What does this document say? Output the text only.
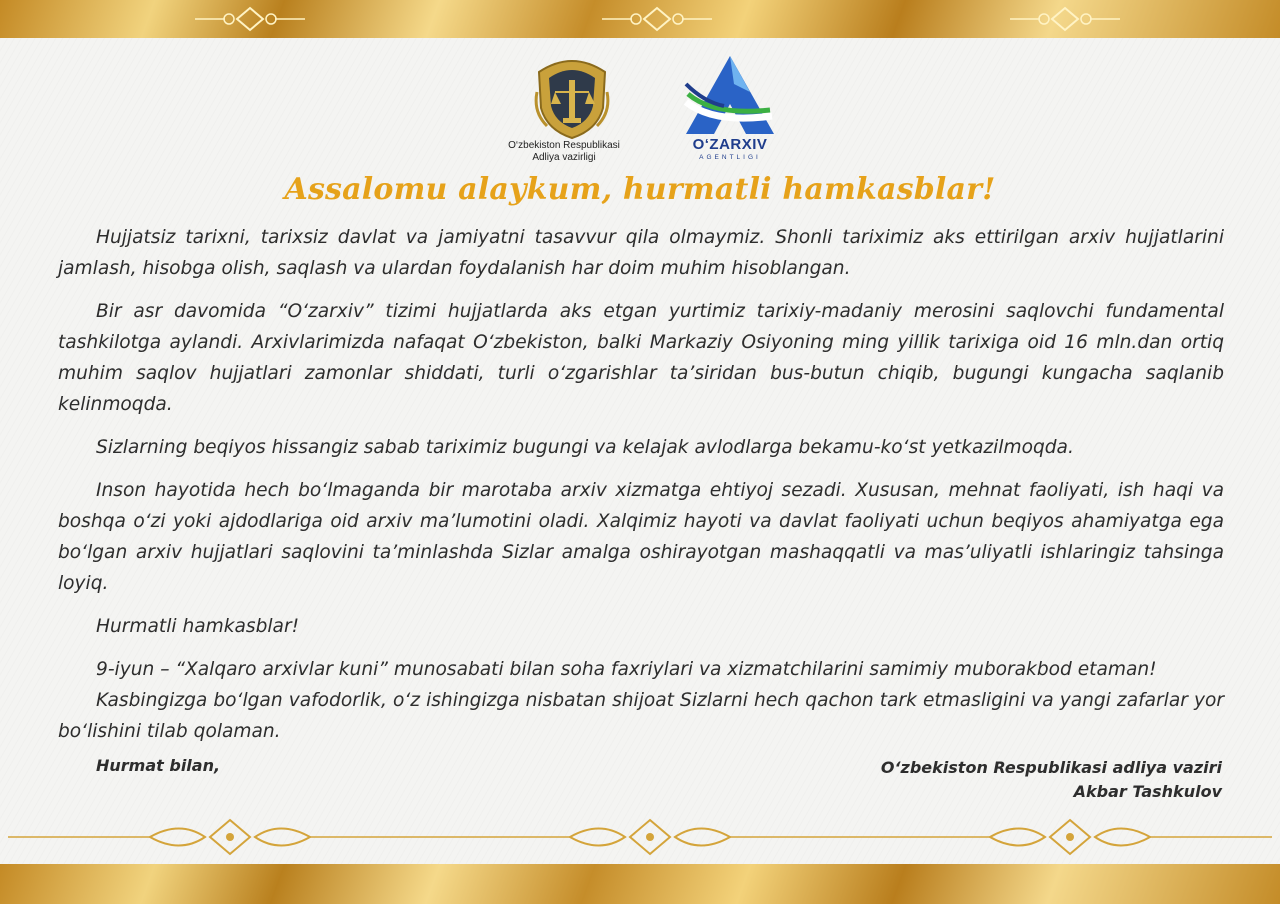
O‘zbekiston Respublikasi
Adliya vazirligi
O‘ZARXIV
AGENTLIGI
Assalomu alaykum, hurmatli hamkasblar!

Hujjatsiz tarixni, tarixsiz davlat va jamiyatni tasavvur qila olmaymiz. Shonli tariximiz aks ettirilgan arxiv hujjatlarini jamlash, hisobga olish, saqlash va ulardan foydalanish har doim muhim hisoblangan.

Bir asr davomida “O‘zarxiv” tizimi hujjatlarda aks etgan yurtimiz tarixiy-madaniy merosini saqlovchi fundamental tashkilotga aylandi. Arxivlarimizda nafaqat O‘zbekiston, balki Markaziy Osiyoning ming yillik tarixiga oid 16 mln.dan ortiq muhim saqlov hujjatlari zamonlar shiddati, turli o‘zgarishlar ta’siridan bus-butun chiqib, bugungi kungacha saqlanib kelinmoqda.

Sizlarning beqiyos hissangiz sabab tariximiz bugungi va kelajak avlodlarga bekamu-ko‘st yetkazilmoqda.

Inson hayotida hech bo‘lmaganda bir marotaba arxiv xizmatga ehtiyoj sezadi. Xususan, mehnat faoliyati, ish haqi va boshqa o‘zi yoki ajdodlariga oid arxiv ma’lumotini oladi. Xalqimiz hayoti va davlat faoliyati uchun beqiyos ahamiyatga ega bo‘lgan arxiv hujjatlari saqlovini ta’minlashda Sizlar amalga oshirayotgan mashaqqatli va mas’uliyatli ishlaringiz tahsinga loyiq.

Hurmatli hamkasblar!

9-iyun – “Xalqaro arxivlar kuni” munosabati bilan soha faxriylari va xizmatchilarini samimiy muborakbod etaman!

Kasbingizga bo‘lgan vafodorlik, o‘z ishingizga nisbatan shijoat Sizlarni hech qachon tark etmasligini va yangi zafarlar yor bo‘lishini tilab qolaman.

Hurmat bilan,	O‘zbekiston Respublikasi adliya vaziri
Akbar Tashkulov
